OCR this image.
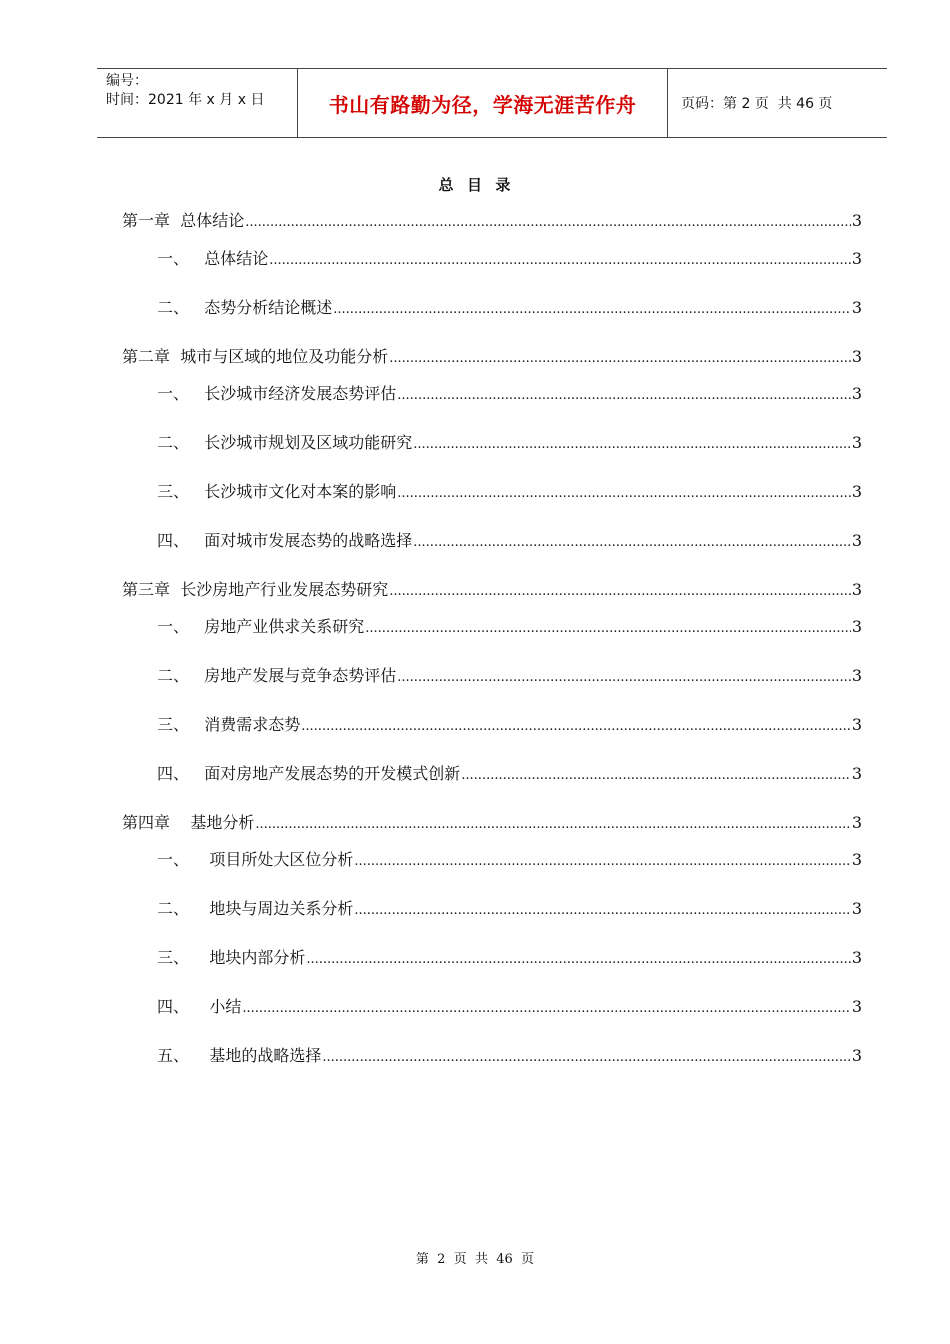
编号：
时间：2021 年 x 月 x 日	书山有路勤为径，学海无涯苦作舟	页码：第 2 页  共 46 页
总  目  录
第一章 总体结论 .....	3
一、 总体结论 .....	3
二、 态势分析结论概述 .....	3
第二章 城市与区域的地位及功能分析 .....	3
一、 长沙城市经济发展态势评估 .....	3
二、 长沙城市规划及区域功能研究 .....	3
三、 长沙城市文化对本案的影响 .....	3
四、 面对城市发展态势的战略选择 .....	3
第三章 长沙房地产行业发展态势研究 .....	3
一、 房地产业供求关系研究 .....	3
二、 房地产发展与竞争态势评估 .....	3
三、 消费需求态势 .....	3
四、 面对房地产发展态势的开发模式创新 .....	3
第四章 基地分析 .....	3
一、 项目所处大区位分析 .....	3
二、 地块与周边关系分析 .....	3
三、 地块内部分析 .....	3
四、 小结 .....	3
五、 基地的战略选择 .....	3
第  2  页  共  46  页
